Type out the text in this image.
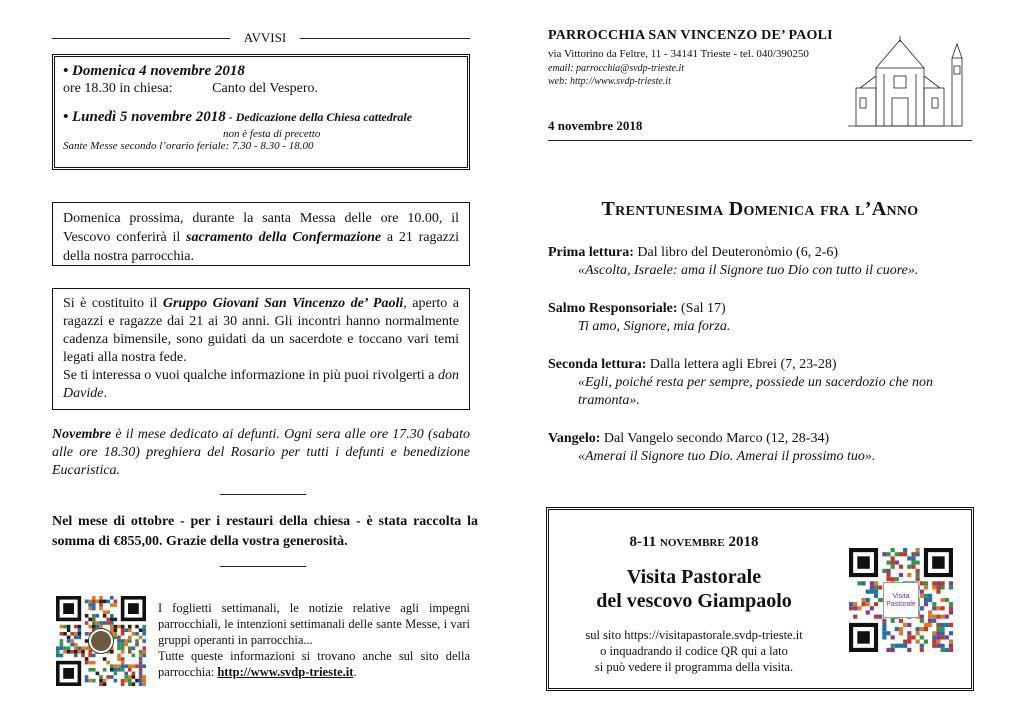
AVVISI
• Domenica 4 novembre 2018
ore 18.30 in chiesa:	Canto del Vespero.
• Lunedì 5 novembre 2018 - Dedicazione della Chiesa cattedrale
non è festa di precetto
Sante Messe secondo l’orario feriale: 7.30 - 8.30 - 18.00
Domenica prossima, durante la santa Messa delle ore 10.00, il Vescovo conferirà il sacramento della Confermazione a 21 ragazzi della nostra parrocchia.
Si è costituito il Gruppo Giovani San Vincenzo de’ Paoli, aperto a ragazzi e ragazze dai 21 ai 30 anni. Gli incontri hanno normalmente cadenza bimensile, sono guidati da un sacerdote e toccano vari temi legati alla nostra fede.
Se ti interessa o vuoi qualche informazione in più puoi rivolgerti a don Davide.
Novembre è il mese dedicato ai defunti. Ogni sera alle ore 17.30 (sabato alle ore 18.30) preghiera del Rosario per tutti i defunti e benedizione Eucaristica.
Nel mese di ottobre - per i restauri della chiesa - è stata raccolta la somma di €855,00. Grazie della vostra generosità.
I foglietti settimanali, le notizie relative agli impegni parrocchiali, le intenzioni settimanali delle sante Messe, i vari gruppi operanti in parrocchia...
Tutte queste informazioni si trovano anche sul sito della parrocchia: http://www.svdp-trieste.it.
PARROCCHIA SAN VINCENZO DE’ PAOLI
via Vittorino da Feltre, 11 - 34141 Trieste - tel. 040/390250
email: parrocchia@svdp-trieste.it
web: http://www.svdp-trieste.it
4 novembre 2018
Trentunesima Domenica fra l’Anno
Prima lettura: Dal libro del Deuteronòmio (6, 2-6)
«Ascolta, Israele: ama il Signore tuo Dio con tutto il cuore».
Salmo Responsoriale: (Sal 17)
Ti amo, Signore, mia forza.
Seconda lettura: Dalla lettera agli Ebrei (7, 23-28)
«Egli, poiché resta per sempre, possiede un sacerdozio che non tramonta».
Vangelo: Dal Vangelo secondo Marco (12, 28-34)
«Amerai il Signore tuo Dio. Amerai il prossimo tuo».
8-11 novembre 2018
Visita Pastorale
del vescovo Giampaolo
sul sito https://visitapastorale.svdp-trieste.it
o inquadrando il codice QR qui a lato
si può vedere il programma della visita.
Visita
Pastorale
